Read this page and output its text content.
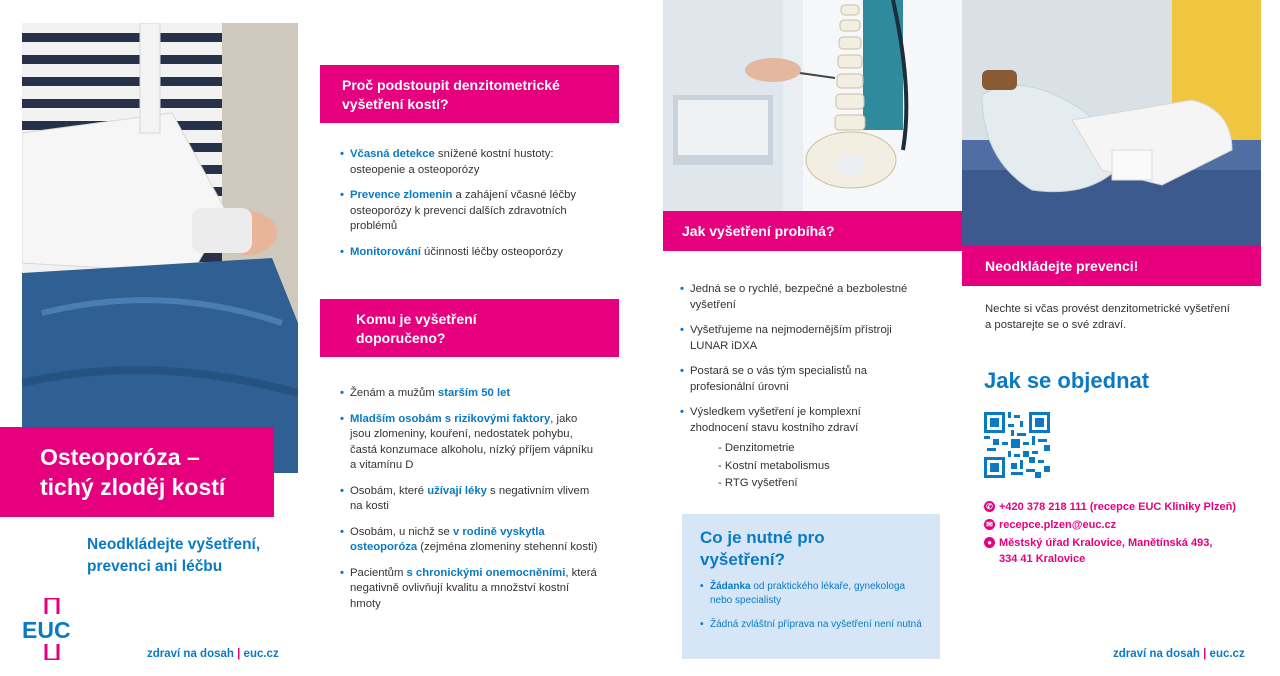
Osteoporóza –
tichý zloděj kostí
Neodkládejte vyšetření,
prevenci ani léčbu
EUC
zdraví na dosah | euc.cz
Proč podstoupit denzitometrické
vyšetření kostí?
• Včasná detekce snížené kostní hustoty: osteopenie a osteoporózy
• Prevence zlomenin a zahájení včasné léčby osteoporózy k prevenci dalších zdravotních problémů
• Monitorování účinnosti léčby osteoporózy
Komu je vyšetření
doporučeno?
• Ženám a mužům starším 50 let
• Mladším osobám s rizikovými faktory, jako jsou zlomeniny, kouření, nedostatek pohybu, častá konzumace alkoholu, nízký příjem vápníku a vitamínu D
• Osobám, které užívají léky s negativním vlivem na kosti
• Osobám, u nichž se v rodině vyskytla osteoporóza (zejména zlomeniny stehenní kosti)
• Pacientům s chronickými onemocněními, která negativně ovlivňují kvalitu a množství kostní hmoty
Jak vyšetření probíhá?
• Jedná se o rychlé, bezpečné a bezbolestné vyšetření
• Vyšetřujeme na nejmodernějším přístroji LUNAR iDXA
• Postará se o vás tým specialistů na profesionální úrovni
• Výsledkem vyšetření je komplexní zhodnocení stavu kostního zdraví
- Denzitometrie
- Kostní metabolismus
- RTG vyšetření
Co je nutné pro
vyšetření?
• Žádanka od praktického lékaře, gynekologa nebo specialisty
• Žádná zvláštní příprava na vyšetření není nutná
Neodkládejte prevenci!
Nechte si včas provést denzitometrické vyšetření a postarejte se o své zdraví.
Jak se objednat
✆ +420 378 218 111 (recepce EUC Kliniky Plzeň)
✉ recepce.plzen@euc.cz
● Městský úřad Kralovice, Manětínská 493,
334 41 Kralovice
zdraví na dosah | euc.cz
